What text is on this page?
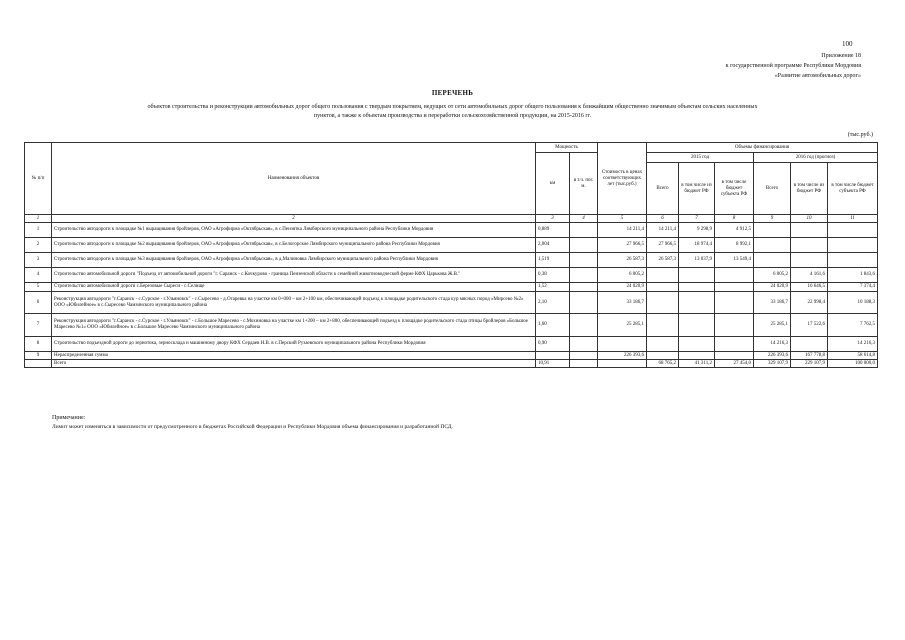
100
Приложение 18
к государственной программе Республики Мордовия
«Развитие автомобильных дорог»
ПЕРЕЧЕНЬ
объектов строительства и реконструкции автомобильных дорог общего пользования с твердым покрытием, ведущих от сети автомобильных дорог общего пользования к ближайшим общественно значимым объектам сельских населенных
пунктов, а также к объектам производства и переработки сельскохозяйственной продукции, на 2015-2016 гг.
(тыс.руб.)
№ п/п	Наименования объектов	Мощность		Стоимость в ценах соответствующих лет (тыс.руб.)	Объемы финансирования					
		км	в т.ч. пог. м.		2015 год			2016 год (прогноз)		
					Всего	в том числе из бюджет РФ	в том числе бюджет субъекта РФ	Всего	в том числе из бюджет РФ	в том числе бюджет субъекта РФ
1	2	3	4	5	6	7	8	9	10	11
1	Строительство автодороги к площадке №1 выращивания бройлеров, ОАО «Агрофирма «Октябрьская», в с.Пензятка Лямбирского муниципального района Республики Мордовия	0,889		14 211,4	14 211,4	9 298,9	4 912,5			
2	Строительство автодороги к площадке №2 выращивания бройлеров, ОАО «Агрофирма «Октябрьская», в с.Белогорское Лямбирского муниципального района Республики Мордовия	2,004		27 966,5	27 966,5	18 974,4	8 992,1			
3	Строительство автодороги к площадке №3 выращивания бройлеров, ОАО «Агрофирма «Октябрьская», в д.Малиновка Лямбирского муниципального района Республики Мордовия	1,519		26 587,3	26 587,3	13 037,9	13 549,4			
4	Строительство автомобильной дороги "Подъезд от автомобильной дороги "г. Саранск - с.Кочкурово - граница Пензенской области к семейной животноводческой ферме КФХ Царькова Ж.В."	0,38		6 005,2				6 005,2	4 161,6	1 843,6
5	Строительство автомобильной дороги с.Березовые Сыреси - с.Селище	1,52		24 020,9				24 020,9	16 646,5	7 374,4
6	Реконструкция автодороги "г.Саранск - с.Сурское - г.Ульяновск" - с.Сыресево - д.Огаревка на участке км 0+000 – км 2+100 км, обеспечивающей подъезд к площадке родительского стада кур мясных пород «Мирсево №2» ООО «Юбилейное» в с.Сыресево Чамзинского муниципального района	2,10		33 186,7				33 186,7	22 998,4	10 188,3
7	Реконструкция автодороги "г.Саранск - с.Сурское - г.Ульяновск" - с.Большое Маресево - с.Мохиновка на участке км 1+200 – км 2+800, обеспечивающей подъезд к площадке родительского стада птицы бройлеров «Большое Маресево №1» ООО «Юбилейное» в с.Большое Маресево Чамзинского муниципального района	1,60		25 285,1				25 285,1	17 522,6	7 762,5
8	Строительство подъездной дороги до зернотока, зерносклада и машинному двору КФХ Сердаев Н.В. в с.Перский Рузаевского муниципального района Республики Мордовия	0,90						14 216,3		14 216,3
9	Нераспределенная сумма			226 393,6				226 393,6	167 778,8	58 614,8
	Всего	10,91			68 765,2	41 311,2	27 454,0	329 107,9	229 107,9	100 000,0
Примечание:
Лимит может изменяться в зависимости от предусмотренного в бюджетах Российской Федерации и Республики Мордовия объема финансирования и разработанной ПСД.
